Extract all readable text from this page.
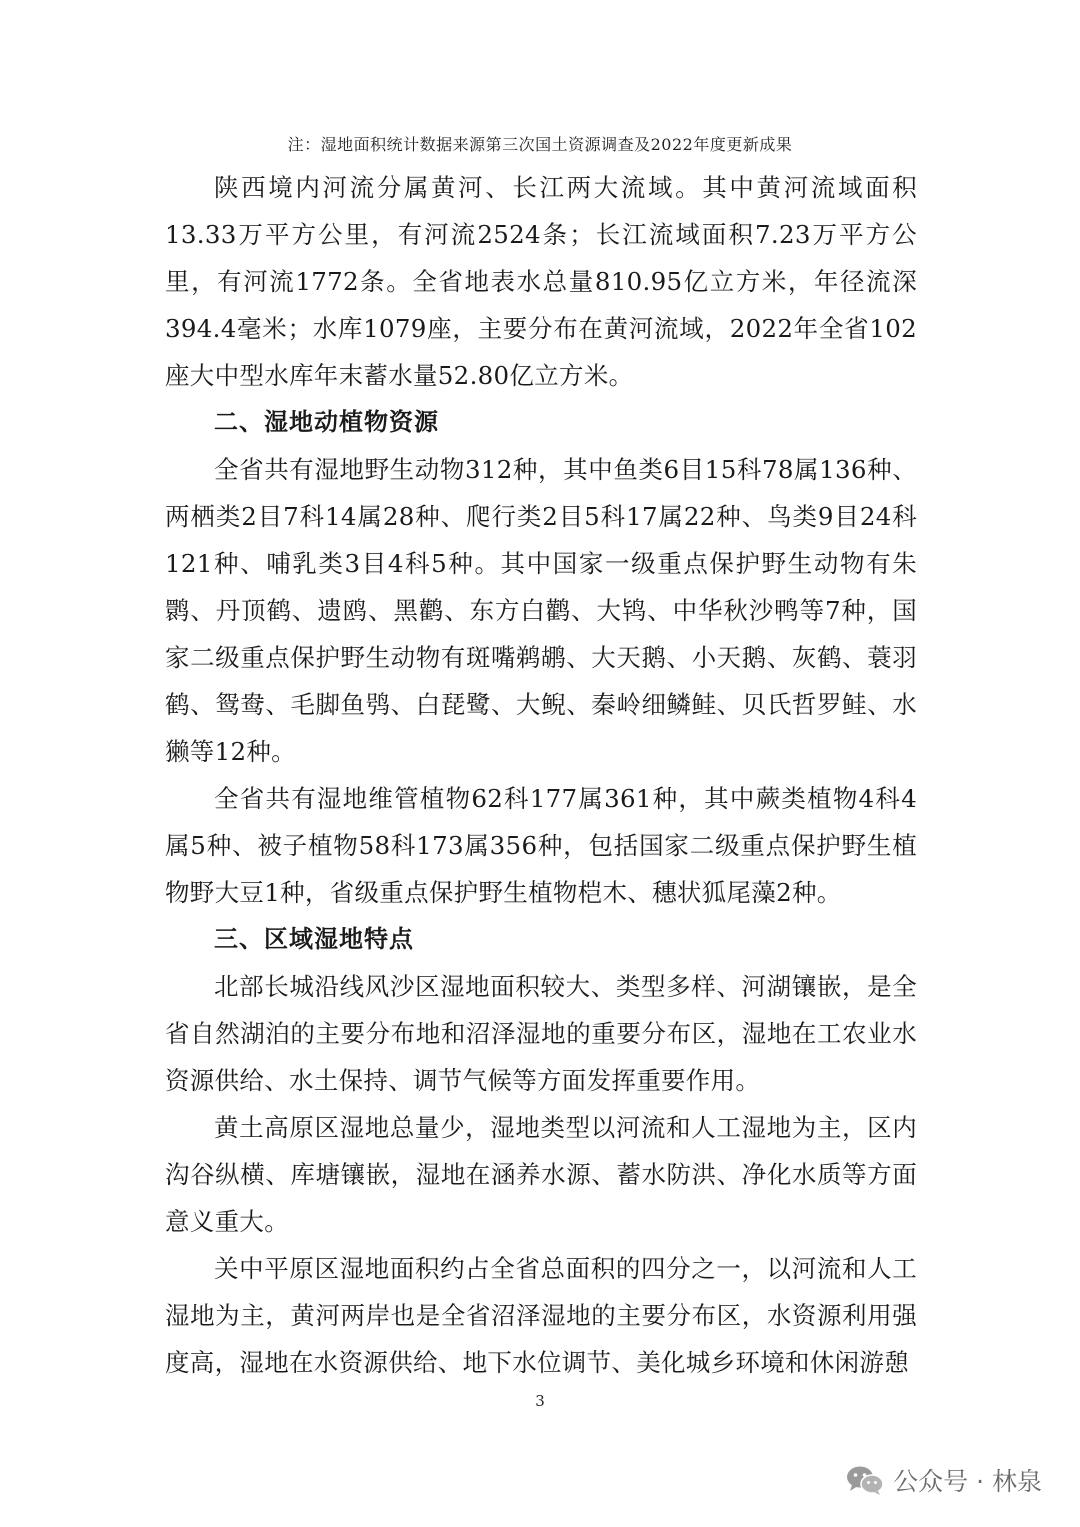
注：湿地面积统计数据来源第三次国土资源调查及2022年度更新成果

陕西境内河流分属黄河、长江两大流域。其中黄河流域面积13.33万平方公里，有河流2524条；长江流域面积7.23万平方公里，有河流1772条。全省地表水总量810.95亿立方米，年径流深394.4毫米；水库1079座，主要分布在黄河流域，2022年全省102座大中型水库年末蓄水量52.80亿立方米。

二、湿地动植物资源

全省共有湿地野生动物312种，其中鱼类6目15科78属136种、两栖类2目7科14属28种、爬行类2目5科17属22种、鸟类9目24科121种、哺乳类3目4科5种。其中国家一级重点保护野生动物有朱鹮、丹顶鹤、遗鸥、黑鹳、东方白鹳、大鸨、中华秋沙鸭等7种，国家二级重点保护野生动物有斑嘴鹈鹕、大天鹅、小天鹅、灰鹤、蓑羽鹤、鸳鸯、毛脚鱼鸮、白琵鹭、大鲵、秦岭细鳞鲑、贝氏哲罗鲑、水獭等12种。

全省共有湿地维管植物62科177属361种，其中蕨类植物4科4属5种、被子植物58科173属356种，包括国家二级重点保护野生植物野大豆1种，省级重点保护野生植物桤木、穗状狐尾藻2种。

三、区域湿地特点

北部长城沿线风沙区湿地面积较大、类型多样、河湖镶嵌，是全省自然湖泊的主要分布地和沼泽湿地的重要分布区，湿地在工农业水资源供给、水土保持、调节气候等方面发挥重要作用。

黄土高原区湿地总量少，湿地类型以河流和人工湿地为主，区内沟谷纵横、库塘镶嵌，湿地在涵养水源、蓄水防洪、净化水质等方面意义重大。

关中平原区湿地面积约占全省总面积的四分之一，以河流和人工湿地为主，黄河两岸也是全省沼泽湿地的主要分布区，水资源利用强度高，湿地在水资源供给、地下水位调节、美化城乡环境和休闲游憩

3
公众号 · 林泉
